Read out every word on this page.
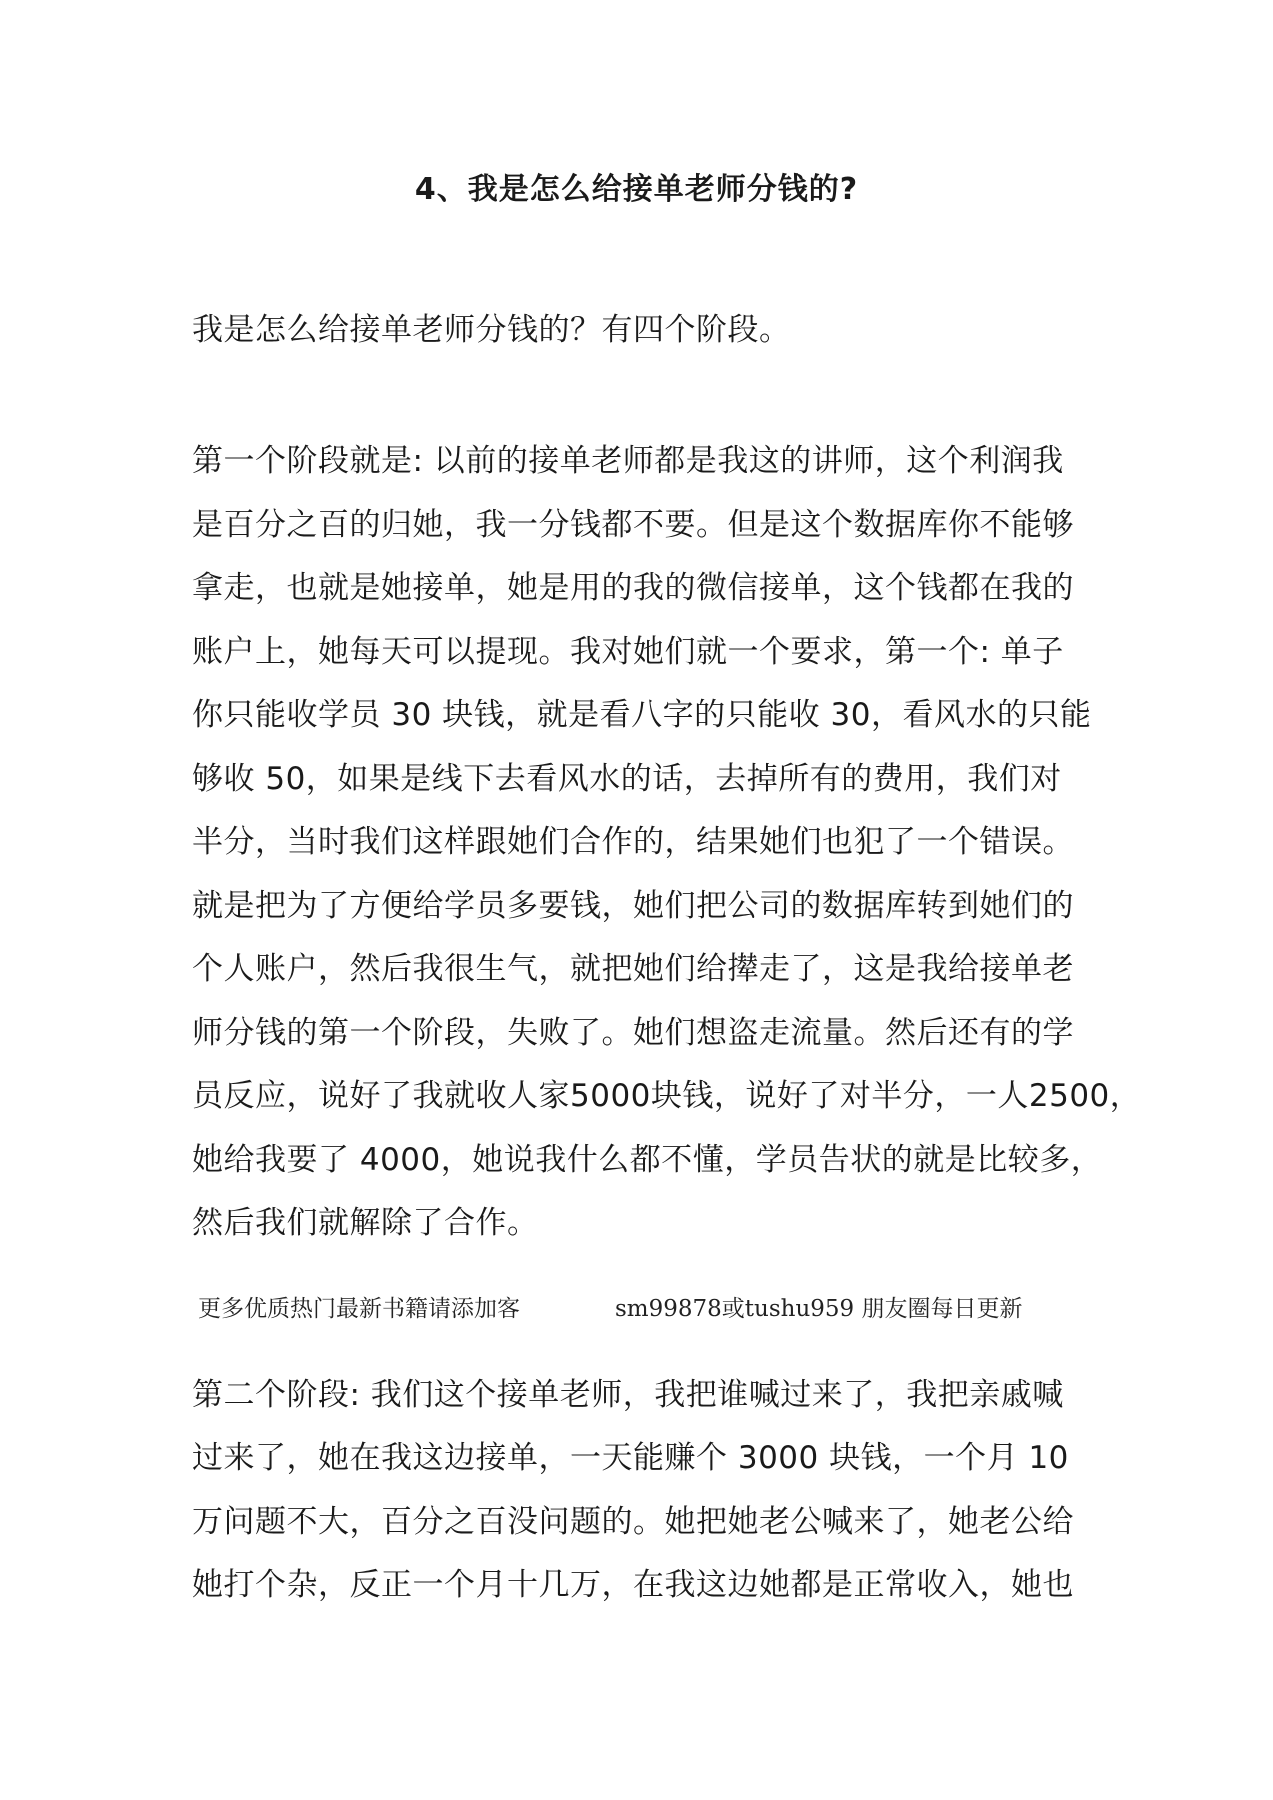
4、我是怎么给接单老师分钱的?
我是怎么给接单老师分钱的？有四个阶段。
第一个阶段就是: 以前的接单老师都是我这的讲师，这个利润我
是百分之百的归她，我一分钱都不要。但是这个数据库你不能够
拿走，也就是她接单，她是用的我的微信接单，这个钱都在我的
账户上，她每天可以提现。我对她们就一个要求，第一个: 单子
你只能收学员 30 块钱，就是看八字的只能收 30，看风水的只能
够收 50，如果是线下去看风水的话，去掉所有的费用，我们对
半分，当时我们这样跟她们合作的，结果她们也犯了一个错误。
就是把为了方便给学员多要钱，她们把公司的数据库转到她们的
个人账户，然后我很生气，就把她们给撵走了，这是我给接单老
师分钱的第一个阶段，失败了。她们想盗走流量。然后还有的学
员反应，说好了我就收人家5000块钱，说好了对半分，一人2500，
她给我要了 4000，她说我什么都不懂，学员告状的就是比较多，
然后我们就解除了合作。
更多优质热门最新书籍请添加客	sm99878或tushu959 朋友圈每日更新
第二个阶段: 我们这个接单老师，我把谁喊过来了，我把亲戚喊
过来了，她在我这边接单，一天能赚个 3000 块钱，一个月 10
万问题不大，百分之百没问题的。她把她老公喊来了，她老公给
她打个杂，反正一个月十几万，在我这边她都是正常收入，她也
